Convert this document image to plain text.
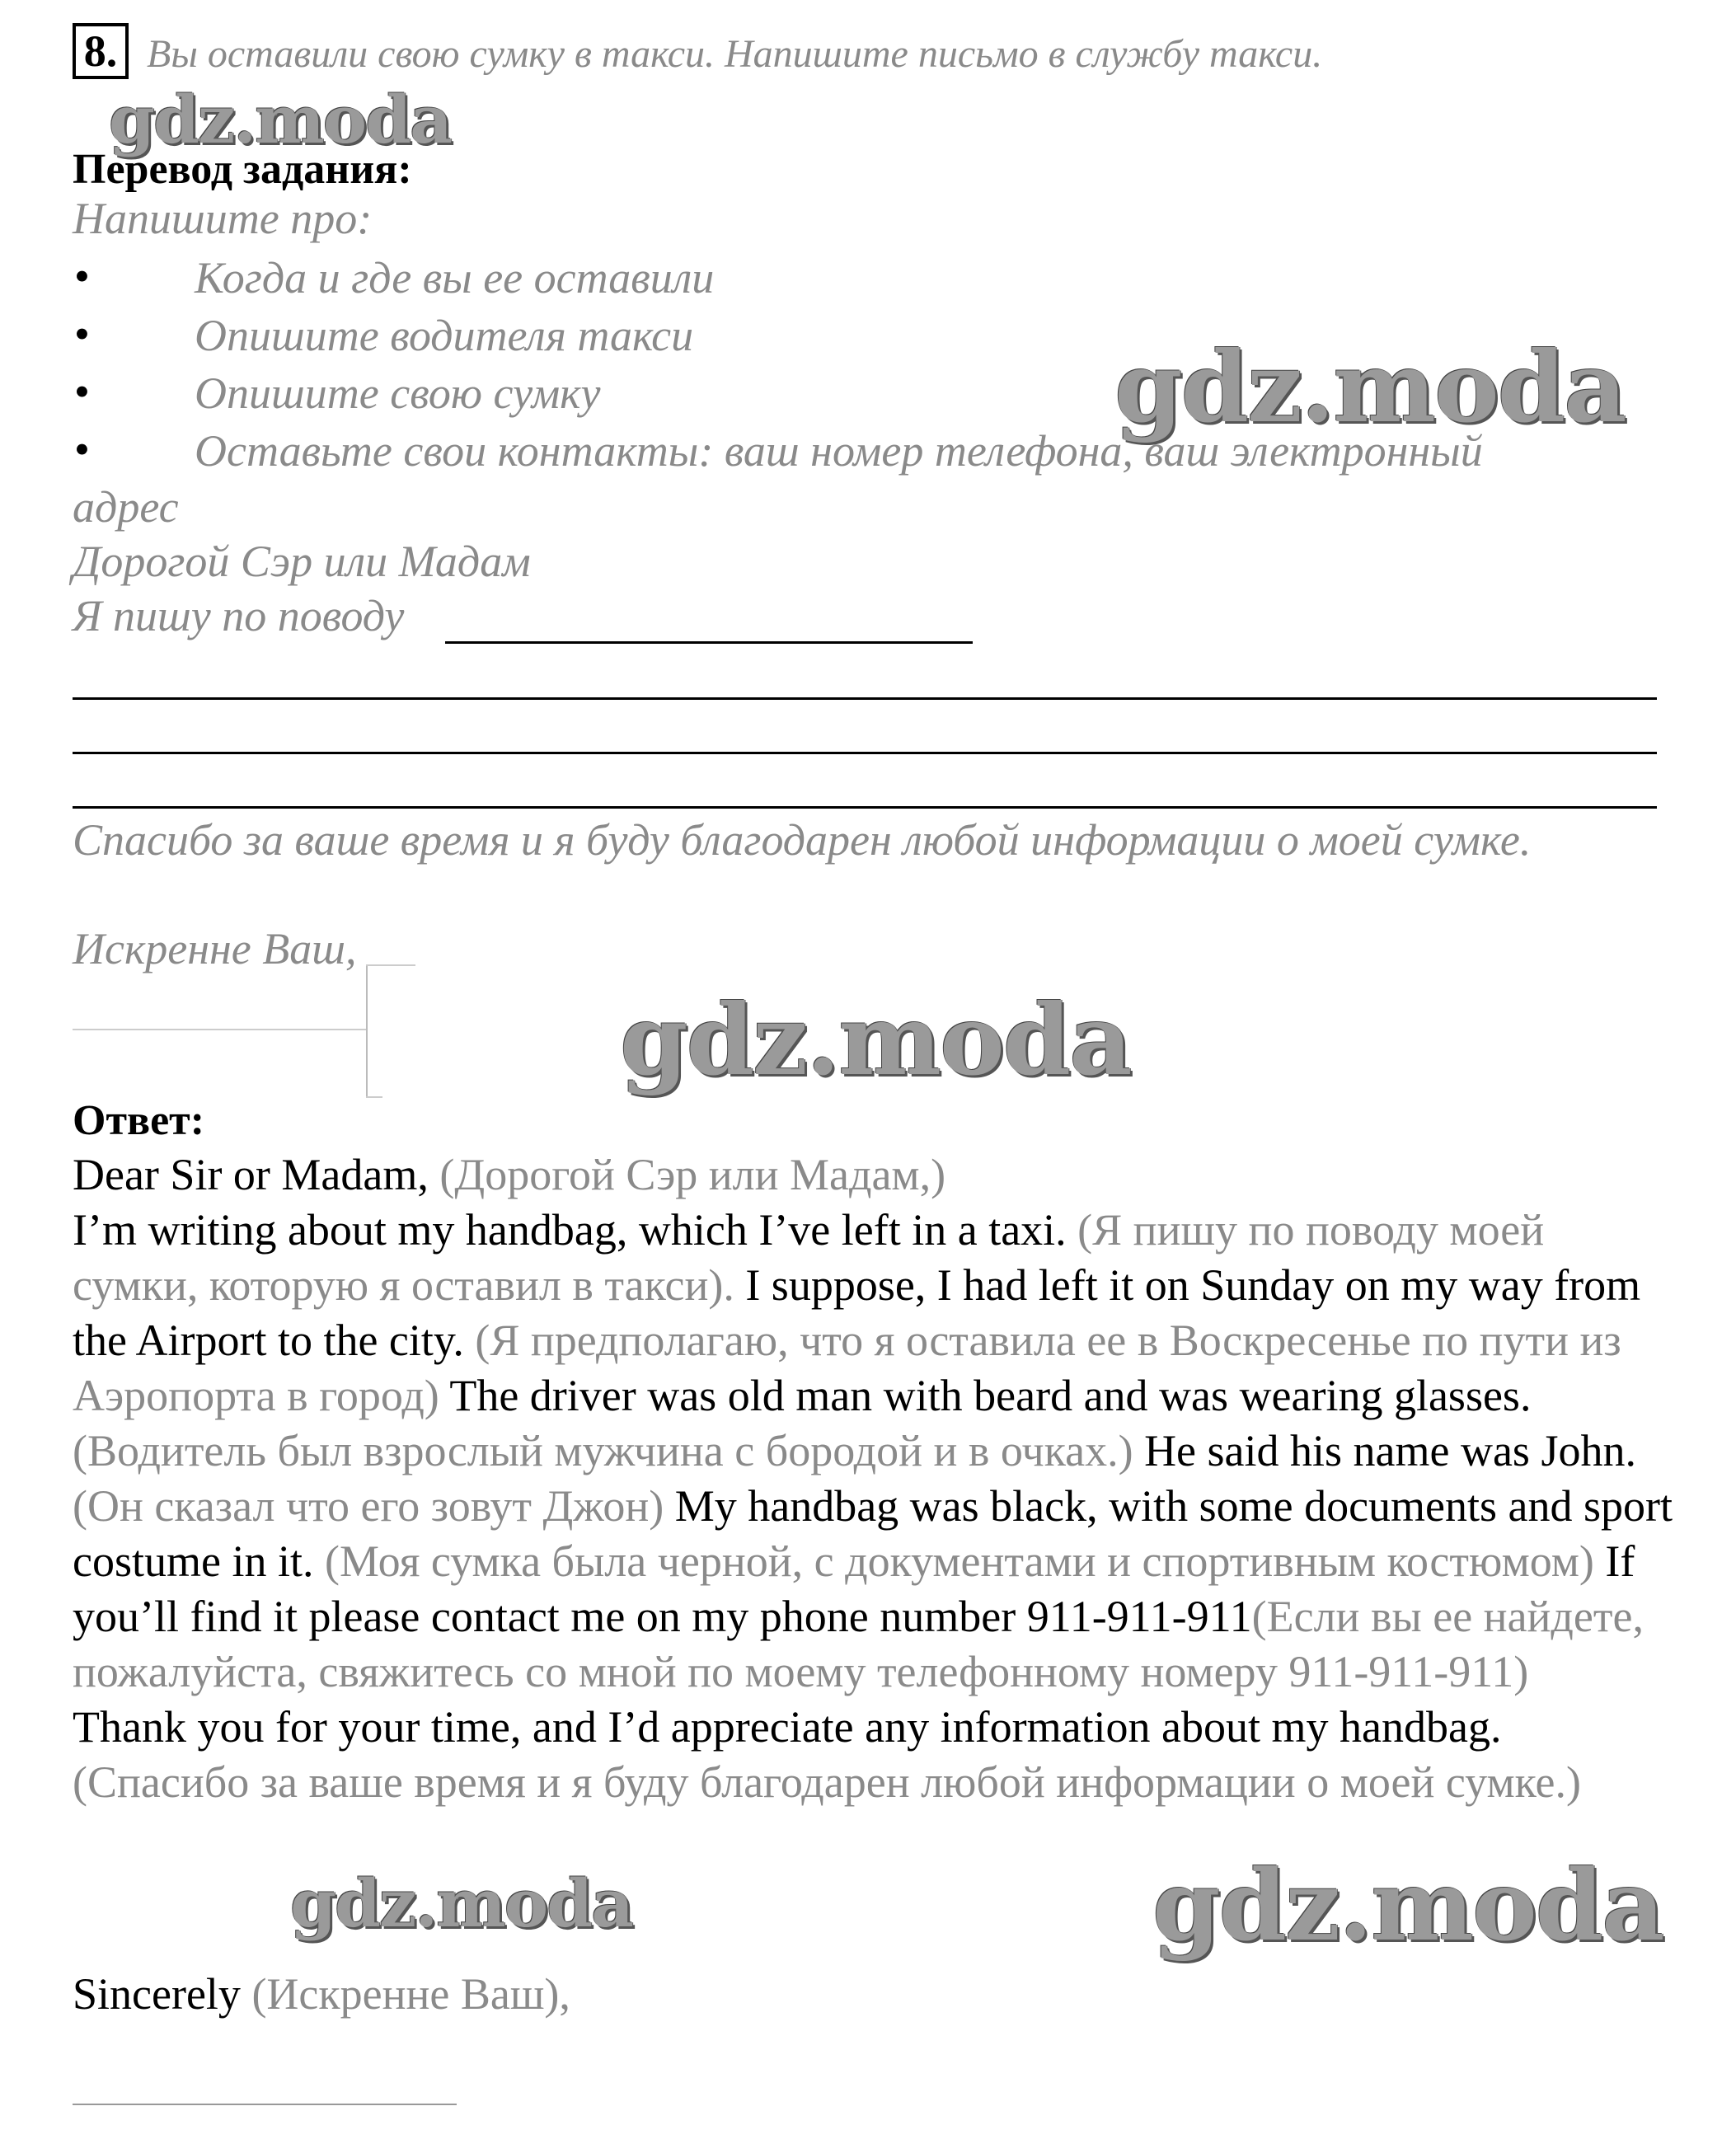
8. Вы оставили свою сумку в такси. Напишите письмо в службу такси.
Перевод задания:
Напишите про:
• Когда и где вы ее оставили
• Опишите водителя такси
• Опишите свою сумку
• Оставьте свои контакты: ваш номер телефона, ваш электронный
адрес
Дорогой Сэр или Мадам
Я пишу по поводу
Спасибо за ваше время и я буду благодарен любой информации о моей сумке.
Искренне Ваш,
Ответ:

Dear Sir or Madam, (Дорогой Сэр или Мадам,)

I’m writing about my handbag, which I’ve left in a taxi. (Я пишу по поводу моей сумки, которую я оставил в такси). I suppose, I had left it on Sunday on my way from the Airport to the city. (Я предполагаю, что я оставила ее в Воскресенье по пути из Аэропорта в город) The driver was old man with beard and was wearing glasses. (Водитель был взрослый мужчина с бородой и в очках.) He said his name was John. (Он сказал что его зовут Джон) My handbag was black, with some documents and sport costume in it. (Моя сумка была черной, с документами и спортивным костюмом) If you’ll find it please contact me on my phone number 911-911-911(Если вы ее найдете, пожалуйста, свяжитесь со мной по моему телефонному номеру 911-911-911)

Thank you for your time, and I’d appreciate any information about my handbag. (Спасибо за ваше время и я буду благодарен любой информации о моей сумке.)

Sincerely (Искренне Ваш),
gdz.moda
gdz.moda
gdz.moda
gdz.moda	gdz.moda
